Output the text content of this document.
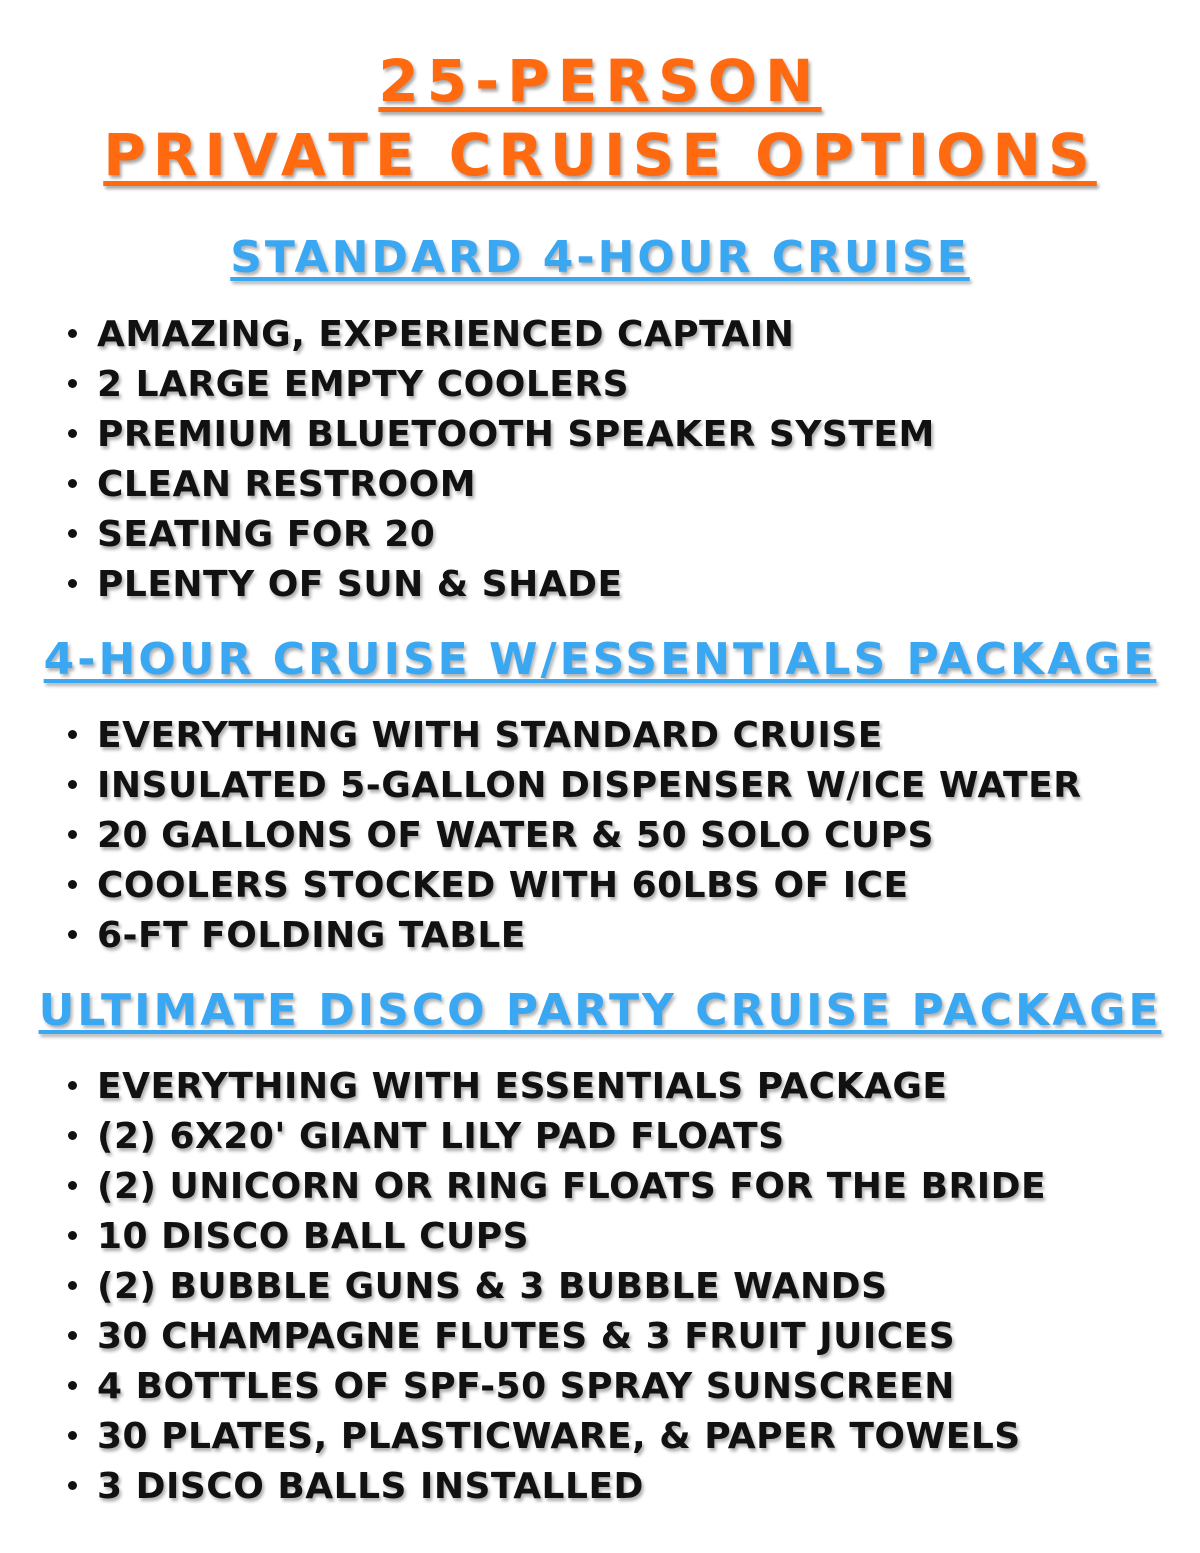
25-PERSON
PRIVATE CRUISE OPTIONS
STANDARD 4-HOUR CRUISE
AMAZING, EXPERIENCED CAPTAIN
2 LARGE EMPTY COOLERS
PREMIUM BLUETOOTH SPEAKER SYSTEM
CLEAN RESTROOM
SEATING FOR 20
PLENTY OF SUN & SHADE
4-HOUR CRUISE W/ESSENTIALS PACKAGE
EVERYTHING WITH STANDARD CRUISE
INSULATED 5-GALLON DISPENSER W/ICE WATER
20 GALLONS OF WATER & 50 SOLO CUPS
COOLERS STOCKED WITH 60LBS OF ICE
6-FT FOLDING TABLE
ULTIMATE DISCO PARTY CRUISE PACKAGE
EVERYTHING WITH ESSENTIALS PACKAGE
(2) 6X20' GIANT LILY PAD FLOATS
(2) UNICORN OR RING FLOATS FOR THE BRIDE
10 DISCO BALL CUPS
(2) BUBBLE GUNS & 3 BUBBLE WANDS
30 CHAMPAGNE FLUTES & 3 FRUIT JUICES
4 BOTTLES OF SPF-50 SPRAY SUNSCREEN
30 PLATES, PLASTICWARE, & PAPER TOWELS
3 DISCO BALLS INSTALLED
